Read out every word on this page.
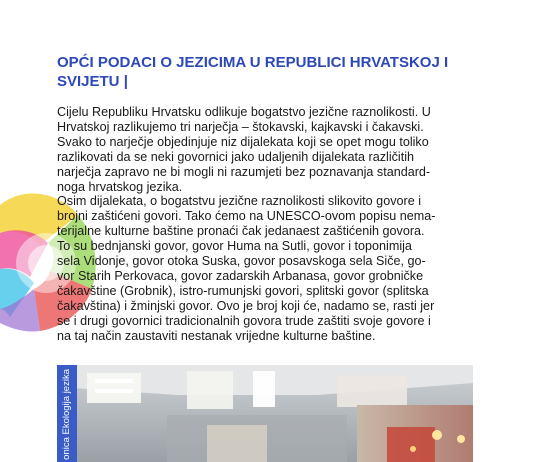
OPĆI PODACI O JEZICIMA U REPUBLICI HRVATSKOJ I SVIJETU |
Cijelu Republiku Hrvatsku odlikuje bogatstvo jezične raznolikosti. U
Hrvatskoj razlikujemo tri narječja – štokavski, kajkavski i čakavski.
Svako to narječje objedinjuje niz dijalekata koji se opet mogu toliko
razlikovati da se neki govornici jako udaljenih dijalekata različitih
narječja zapravo ne bi mogli ni razumjeti bez poznavanja standard-
noga hrvatskog jezika.
Osim dijalekata, o bogatstvu jezične raznolikosti slikovito govore i
brojni zaštićeni govori. Tako ćemo na UNESCO-ovom popisu nema-
terijalne kulturne baštine pronaći čak jedanaest zaštićenih govora.
To su bednjanski govor, govor Huma na Sutli, govor i toponimija
sela Vidonje, govor otoka Suska, govor posavskoga sela Siče, go-
vor Starih Perkovaca, govor zadarskih Arbanasa, govor grobničke
čakavštine (Grobnik), istro-rumunjski govori, splitski govor (splitska
čakavština) i žminjski govor. Ovo je broj koji će, nadamo se, rasti jer
se i drugi govornici tradicionalnih govora trude zaštiti svoje govore i
na taj način zaustaviti nestanak vrijedne kulturne baštine.
onica Ekologija jezika
